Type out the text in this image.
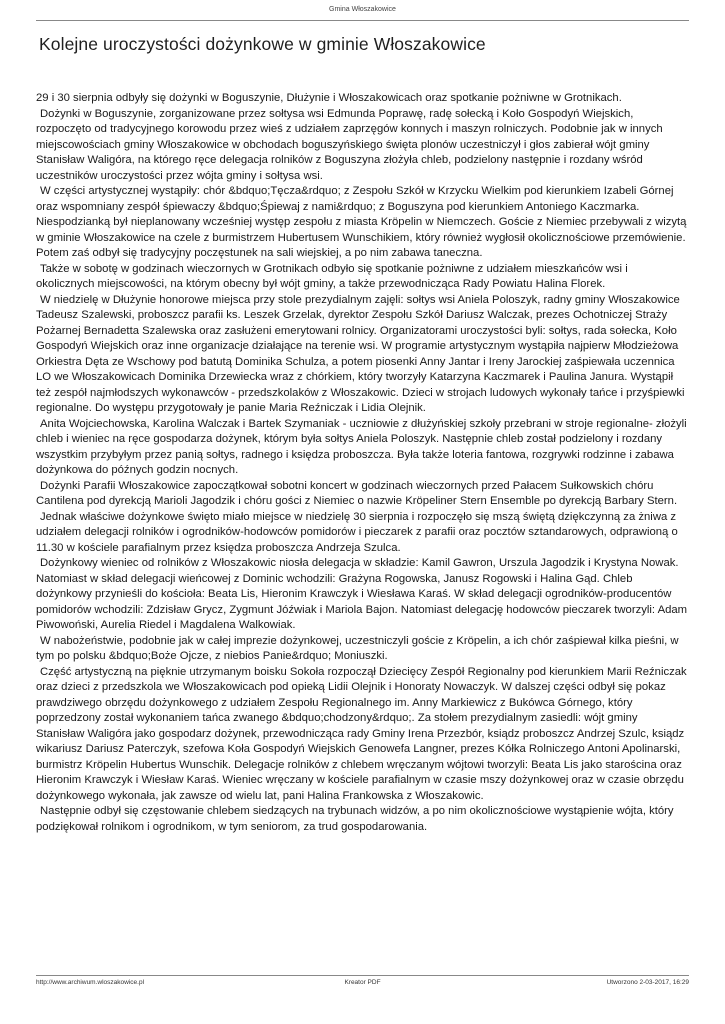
Gmina Włoszakowice
Kolejne uroczystości dożynkowe w gminie Włoszakowice

29 i 30 sierpnia odbyły się dożynki w Boguszynie, Dłużynie i Włoszakowicach oraz spotkanie pożniwne w Grotnikach.

Dożynki w Boguszynie, zorganizowane przez sołtysa wsi Edmunda Poprawę, radę sołecką i Koło Gospodyń Wiejskich, rozpoczęto od tradycyjnego korowodu przez wieś z udziałem zaprzęgów konnych i maszyn rolniczych. Podobnie jak w innych miejscowościach gminy Włoszakowice w obchodach boguszyńskiego święta plonów uczestniczył i głos zabierał wójt gminy Stanisław Waligóra, na którego ręce delegacja rolników z Boguszyna złożyła chleb, podzielony następnie i rozdany wśród uczestników uroczystości przez wójta gminy i sołtysa wsi.

W części artystycznej wystąpiły: chór &bdquo;Tęcza&rdquo; z Zespołu Szkół w Krzycku Wielkim pod kierunkiem Izabeli Górnej oraz wspomniany zespół śpiewaczy &bdquo;Śpiewaj z nami&rdquo; z Boguszyna pod kierunkiem Antoniego Kaczmarka. Niespodzianką był nieplanowany wcześniej występ zespołu z miasta Kröpelin w Niemczech. Goście z Niemiec przebywali z wizytą w gminie Włoszakowice na czele z burmistrzem Hubertusem Wunschikiem, który również wygłosił okolicznościowe przemówienie. Potem zaś odbył się tradycyjny poczęstunek na sali wiejskiej, a po nim zabawa taneczna.

Także w sobotę w godzinach wieczornych w Grotnikach odbyło się spotkanie pożniwne z udziałem mieszkańców wsi i okolicznych miejscowości, na którym obecny był wójt gminy, a także przewodnicząca Rady Powiatu Halina Florek.

W niedzielę w Dłużynie honorowe miejsca przy stole prezydialnym zajęli: sołtys wsi Aniela Poloszyk, radny gminy Włoszakowice Tadeusz Szalewski, proboszcz parafii ks. Leszek Grzelak, dyrektor Zespołu Szkół Dariusz Walczak, prezes Ochotniczej Straży Pożarnej Bernadetta Szalewska oraz zasłużeni emerytowani rolnicy. Organizatorami uroczystości byli: sołtys, rada sołecka, Koło Gospodyń Wiejskich oraz inne organizacje działające na terenie wsi. W programie artystycznym wystąpiła najpierw Młodzieżowa Orkiestra Dęta ze Wschowy pod batutą Dominika Schulza, a potem piosenki Anny Jantar i Ireny Jarockiej zaśpiewała uczennica LO we Włoszakowicach Dominika Drzewiecka wraz z chórkiem, który tworzyły Katarzyna Kaczmarek i Paulina Janura. Wystąpił też zespół najmłodszych wykonawców - przedszkolaków z Włoszakowic. Dzieci w strojach ludowych wykonały tańce i przyśpiewki regionalne. Do występu przygotowały je panie Maria Reźniczak i Lidia Olejnik.

Anita Wojciechowska, Karolina Walczak i Bartek Szymaniak - uczniowie z dłużyńskiej szkoły przebrani w stroje regionalne- złożyli chleb i wieniec na ręce gospodarza dożynek, którym była sołtys Aniela Poloszyk. Następnie chleb został podzielony i rozdany wszystkim przybyłym przez panią sołtys, radnego i księdza proboszcza. Była także loteria fantowa, rozgrywki rodzinne i zabawa dożynkowa do późnych godzin nocnych.

Dożynki Parafii Włoszakowice zapoczątkował sobotni koncert w godzinach wieczornych przed Pałacem Sułkowskich chóru Cantilena pod dyrekcją Marioli Jagodzik i chóru gości z Niemiec o nazwie Kröpeliner Stern Ensemble po dyrekcją Barbary Stern.

Jednak właściwe dożynkowe święto miało miejsce w niedzielę 30 sierpnia i rozpoczęło się mszą świętą dziękczynną za żniwa z udziałem delegacji rolników i ogrodników-hodowców pomidorów i pieczarek z parafii oraz pocztów sztandarowych, odprawioną o 11.30 w kościele parafialnym przez księdza proboszcza Andrzeja Szulca.

Dożynkowy wieniec od rolników z Włoszakowic niosła delegacja w składzie: Kamil Gawron, Urszula Jagodzik i Krystyna Nowak. Natomiast w skład delegacji wieńcowej z Dominic wchodzili: Grażyna Rogowska, Janusz Rogowski i Halina Gąd. Chleb dożynkowy przynieśli do kościoła: Beata Lis, Hieronim Krawczyk i Wiesława Karaś. W skład delegacji ogrodników-producentów pomidorów wchodzili: Zdzisław Grycz, Zygmunt Jóźwiak i Mariola Bajon. Natomiast delegację hodowców pieczarek tworzyli: Adam Piwowoński, Aurelia Riedel i Magdalena Walkowiak.

W nabożeństwie, podobnie jak w całej imprezie dożynkowej, uczestniczyli goście z Kröpelin, a ich chór zaśpiewał kilka pieśni, w tym po polsku &bdquo;Boże Ojcze, z niebios Panie&rdquo; Moniuszki.

Część artystyczną na pięknie utrzymanym boisku Sokoła rozpoczął Dziecięcy Zespół Regionalny pod kierunkiem Marii Reźniczak oraz dzieci z przedszkola we Włoszakowicach pod opieką Lidii Olejnik i Honoraty Nowaczyk. W dalszej części odbył się pokaz prawdziwego obrzędu dożynkowego z udziałem Zespołu Regionalnego im. Anny Markiewicz z Bukówca Górnego, który poprzedzony został wykonaniem tańca zwanego &bdquo;chodzony&rdquo;. Za stołem prezydialnym zasiedli: wójt gminy Stanisław Waligóra jako gospodarz dożynek, przewodnicząca rady Gminy Irena Przezbór, ksiądz proboszcz Andrzej Szulc, ksiądz wikariusz Dariusz Paterczyk, szefowa Koła Gospodyń Wiejskich Genowefa Langner, prezes Kółka Rolniczego Antoni Apolinarski, burmistrz Kröpelin Hubertus Wunschik. Delegacje rolników z chlebem wręczanym wójtowi tworzyli: Beata Lis jako starościna oraz Hieronim Krawczyk i Wiesław Karaś. Wieniec wręczany w kościele parafialnym w czasie mszy dożynkowej oraz w czasie obrzędu dożynkowego wykonała, jak zawsze od wielu lat, pani Halina Frankowska z Włoszakowic.

Następnie odbył się częstowanie chlebem siedzących na trybunach widzów, a po nim okolicznościowe wystąpienie wójta, który podziękował rolnikom i ogrodnikom, w tym seniorom, za trud gospodarowania.

http://www.archiwum.wloszakowice.pl	Kreator PDF	Utworzono 2-03-2017, 16:29
